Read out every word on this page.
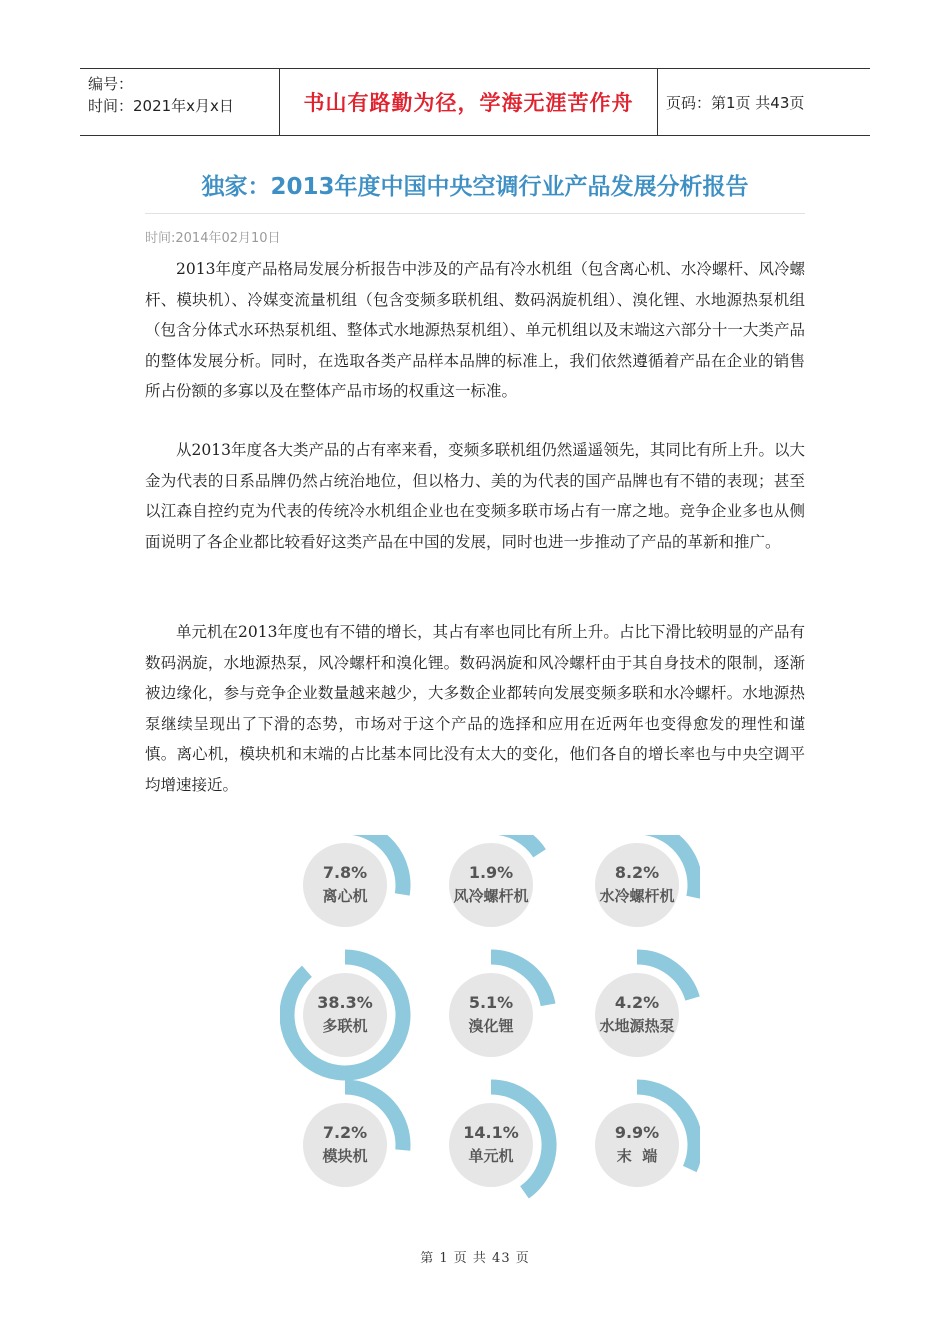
编号：
时间：2021年x月x日	书山有路勤为径，学海无涯苦作舟 页码：第1页 共43页
独家：2013年度中国中央空调行业产品发展分析报告
时间:2014年02月10日

2013年度产品格局发展分析报告中涉及的产品有冷水机组（包含离心机、水冷螺杆、风冷螺杆、模块机）、冷媒变流量机组（包含变频多联机组、数码涡旋机组）、溴化锂、水地源热泵机组（包含分体式水环热泵机组、整体式水地源热泵机组）、单元机组以及末端这六部分十一大类产品的整体发展分析。同时，在选取各类产品样本品牌的标准上，我们依然遵循着产品在企业的销售所占份额的多寡以及在整体产品市场的权重这一标准。

从2013年度各大类产品的占有率来看，变频多联机组仍然遥遥领先，其同比有所上升。以大金为代表的日系品牌仍然占统治地位，但以格力、美的为代表的国产品牌也有不错的表现；甚至以江森自控约克为代表的传统冷水机组企业也在变频多联市场占有一席之地。竞争企业多也从侧面说明了各企业都比较看好这类产品在中国的发展，同时也进一步推动了产品的革新和推广。

单元机在2013年度也有不错的增长，其占有率也同比有所上升。占比下滑比较明显的产品有数码涡旋，水地源热泵，风冷螺杆和溴化锂。数码涡旋和风冷螺杆由于其自身技术的限制，逐渐被边缘化，参与竞争企业数量越来越少，大多数企业都转向发展变频多联和水冷螺杆。水地源热泵继续呈现出了下滑的态势，市场对于这个产品的选择和应用在近两年也变得愈发的理性和谨慎。离心机，模块机和末端的占比基本同比没有太大的变化，他们各自的增长率也与中央空调平均增速接近。

7.8%
离心机
1.9%
风冷螺杆机
8.2%
水冷螺杆机
38.3%
多联机
5.1%
溴化锂
4.2%
水地源热泵
7.2%
模块机
14.1%
单元机
9.9%
末  端
第 1 页 共 43 页
